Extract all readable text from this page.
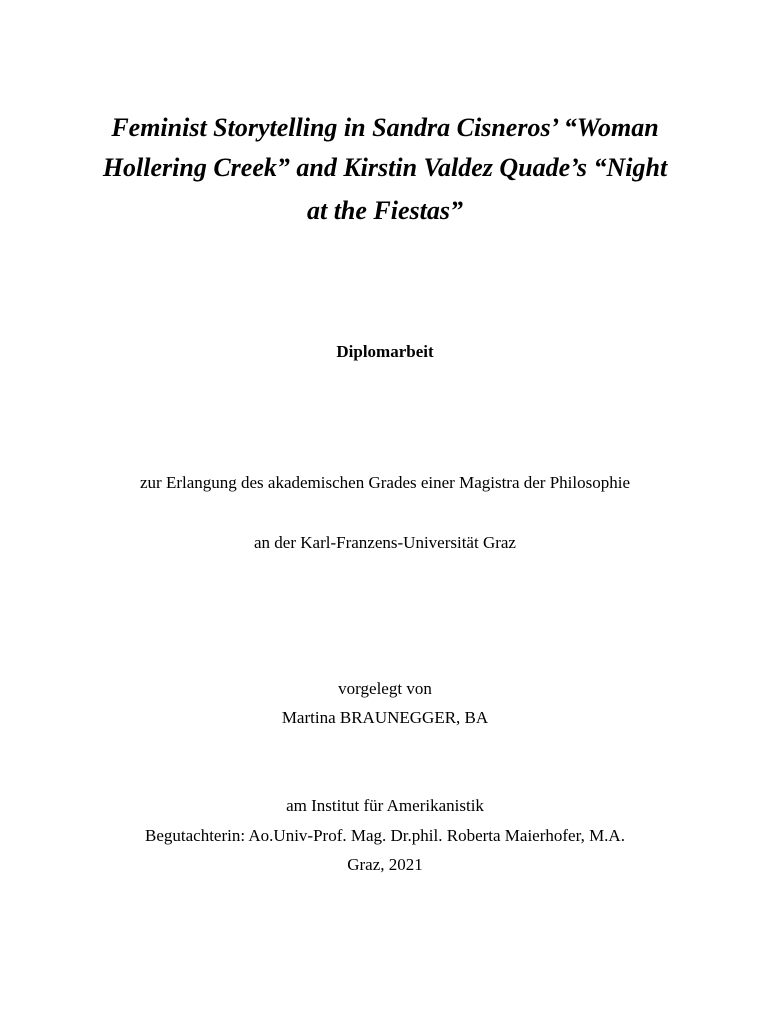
Feminist Storytelling in Sandra Cisneros’ “Woman
Hollering Creek” and Kirstin Valdez Quade’s “Night
at the Fiestas”
Diplomarbeit
zur Erlangung des akademischen Grades einer Magistra der Philosophie
an der Karl-Franzens-Universität Graz
vorgelegt von
Martina BRAUNEGGER, BA
am Institut für Amerikanistik
Begutachterin: Ao.Univ-Prof. Mag. Dr.phil. Roberta Maierhofer, M.A.
Graz, 2021
